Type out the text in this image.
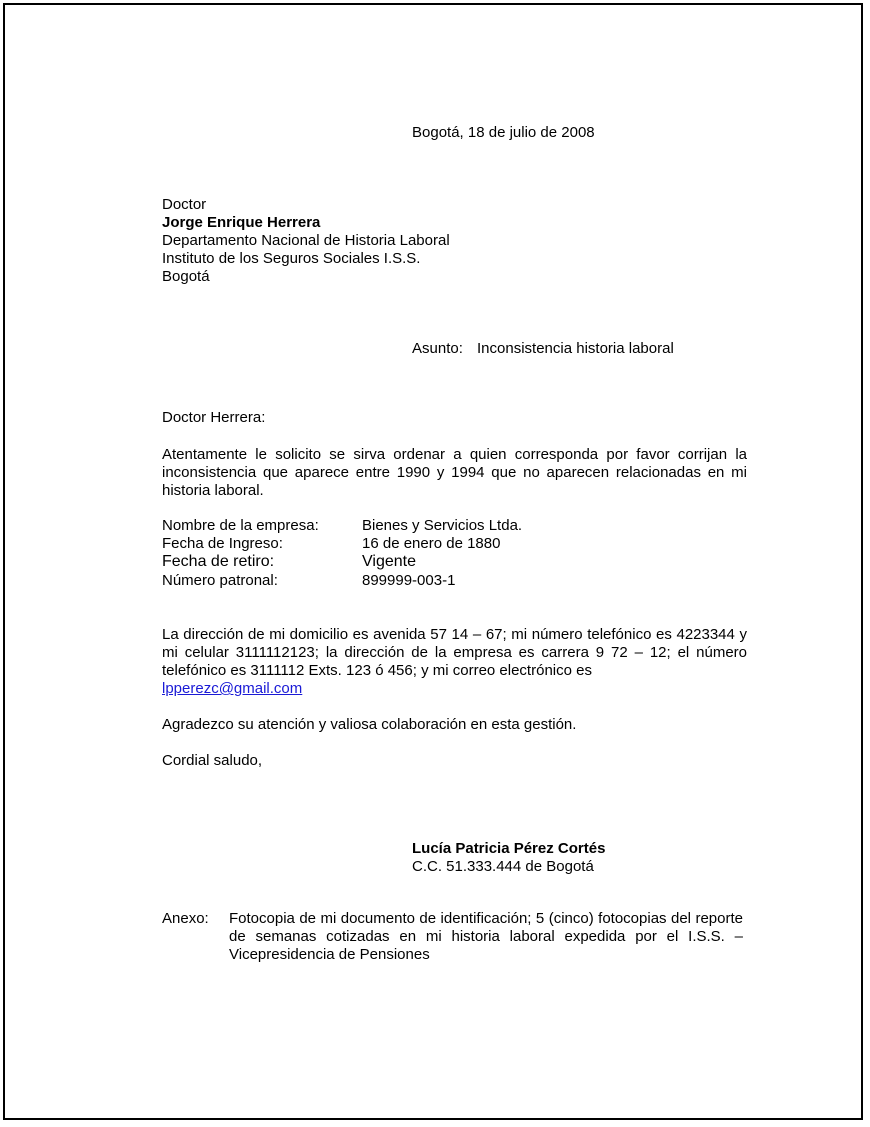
Bogotá, 18 de julio de 2008
Doctor
Jorge Enrique Herrera
Departamento Nacional de Historia Laboral
Instituto de los Seguros Sociales I.S.S.
Bogotá
Asunto: Inconsistencia historia laboral
Doctor Herrera:
Atentamente le solicito se sirva ordenar a quien corresponda por favor corrijan la inconsistencia que aparece entre 1990 y 1994 que no aparecen relacionadas en mi historia laboral.
Nombre de la empresa:	Bienes y Servicios Ltda.
Fecha de Ingreso:	16 de enero de 1880
Fecha de retiro:	Vigente
Número patronal:	899999-003-1
La dirección de mi domicilio es avenida 57 14 – 67; mi número telefónico es 4223344 y mi celular 3111112123; la dirección de la empresa es carrera 9 72 – 12; el número telefónico es 3111112 Exts. 123 ó 456; y mi correo electrónico es
lpperezc@gmail.com
Agradezco su atención y valiosa colaboración en esta gestión.
Cordial saludo,
Lucía Patricia Pérez Cortés
C.C. 51.333.444 de Bogotá
Anexo: Fotocopia de mi documento de identificación; 5 (cinco) fotocopias del reporte de semanas cotizadas en mi historia laboral expedida por el I.S.S. – Vicepresidencia de Pensiones
